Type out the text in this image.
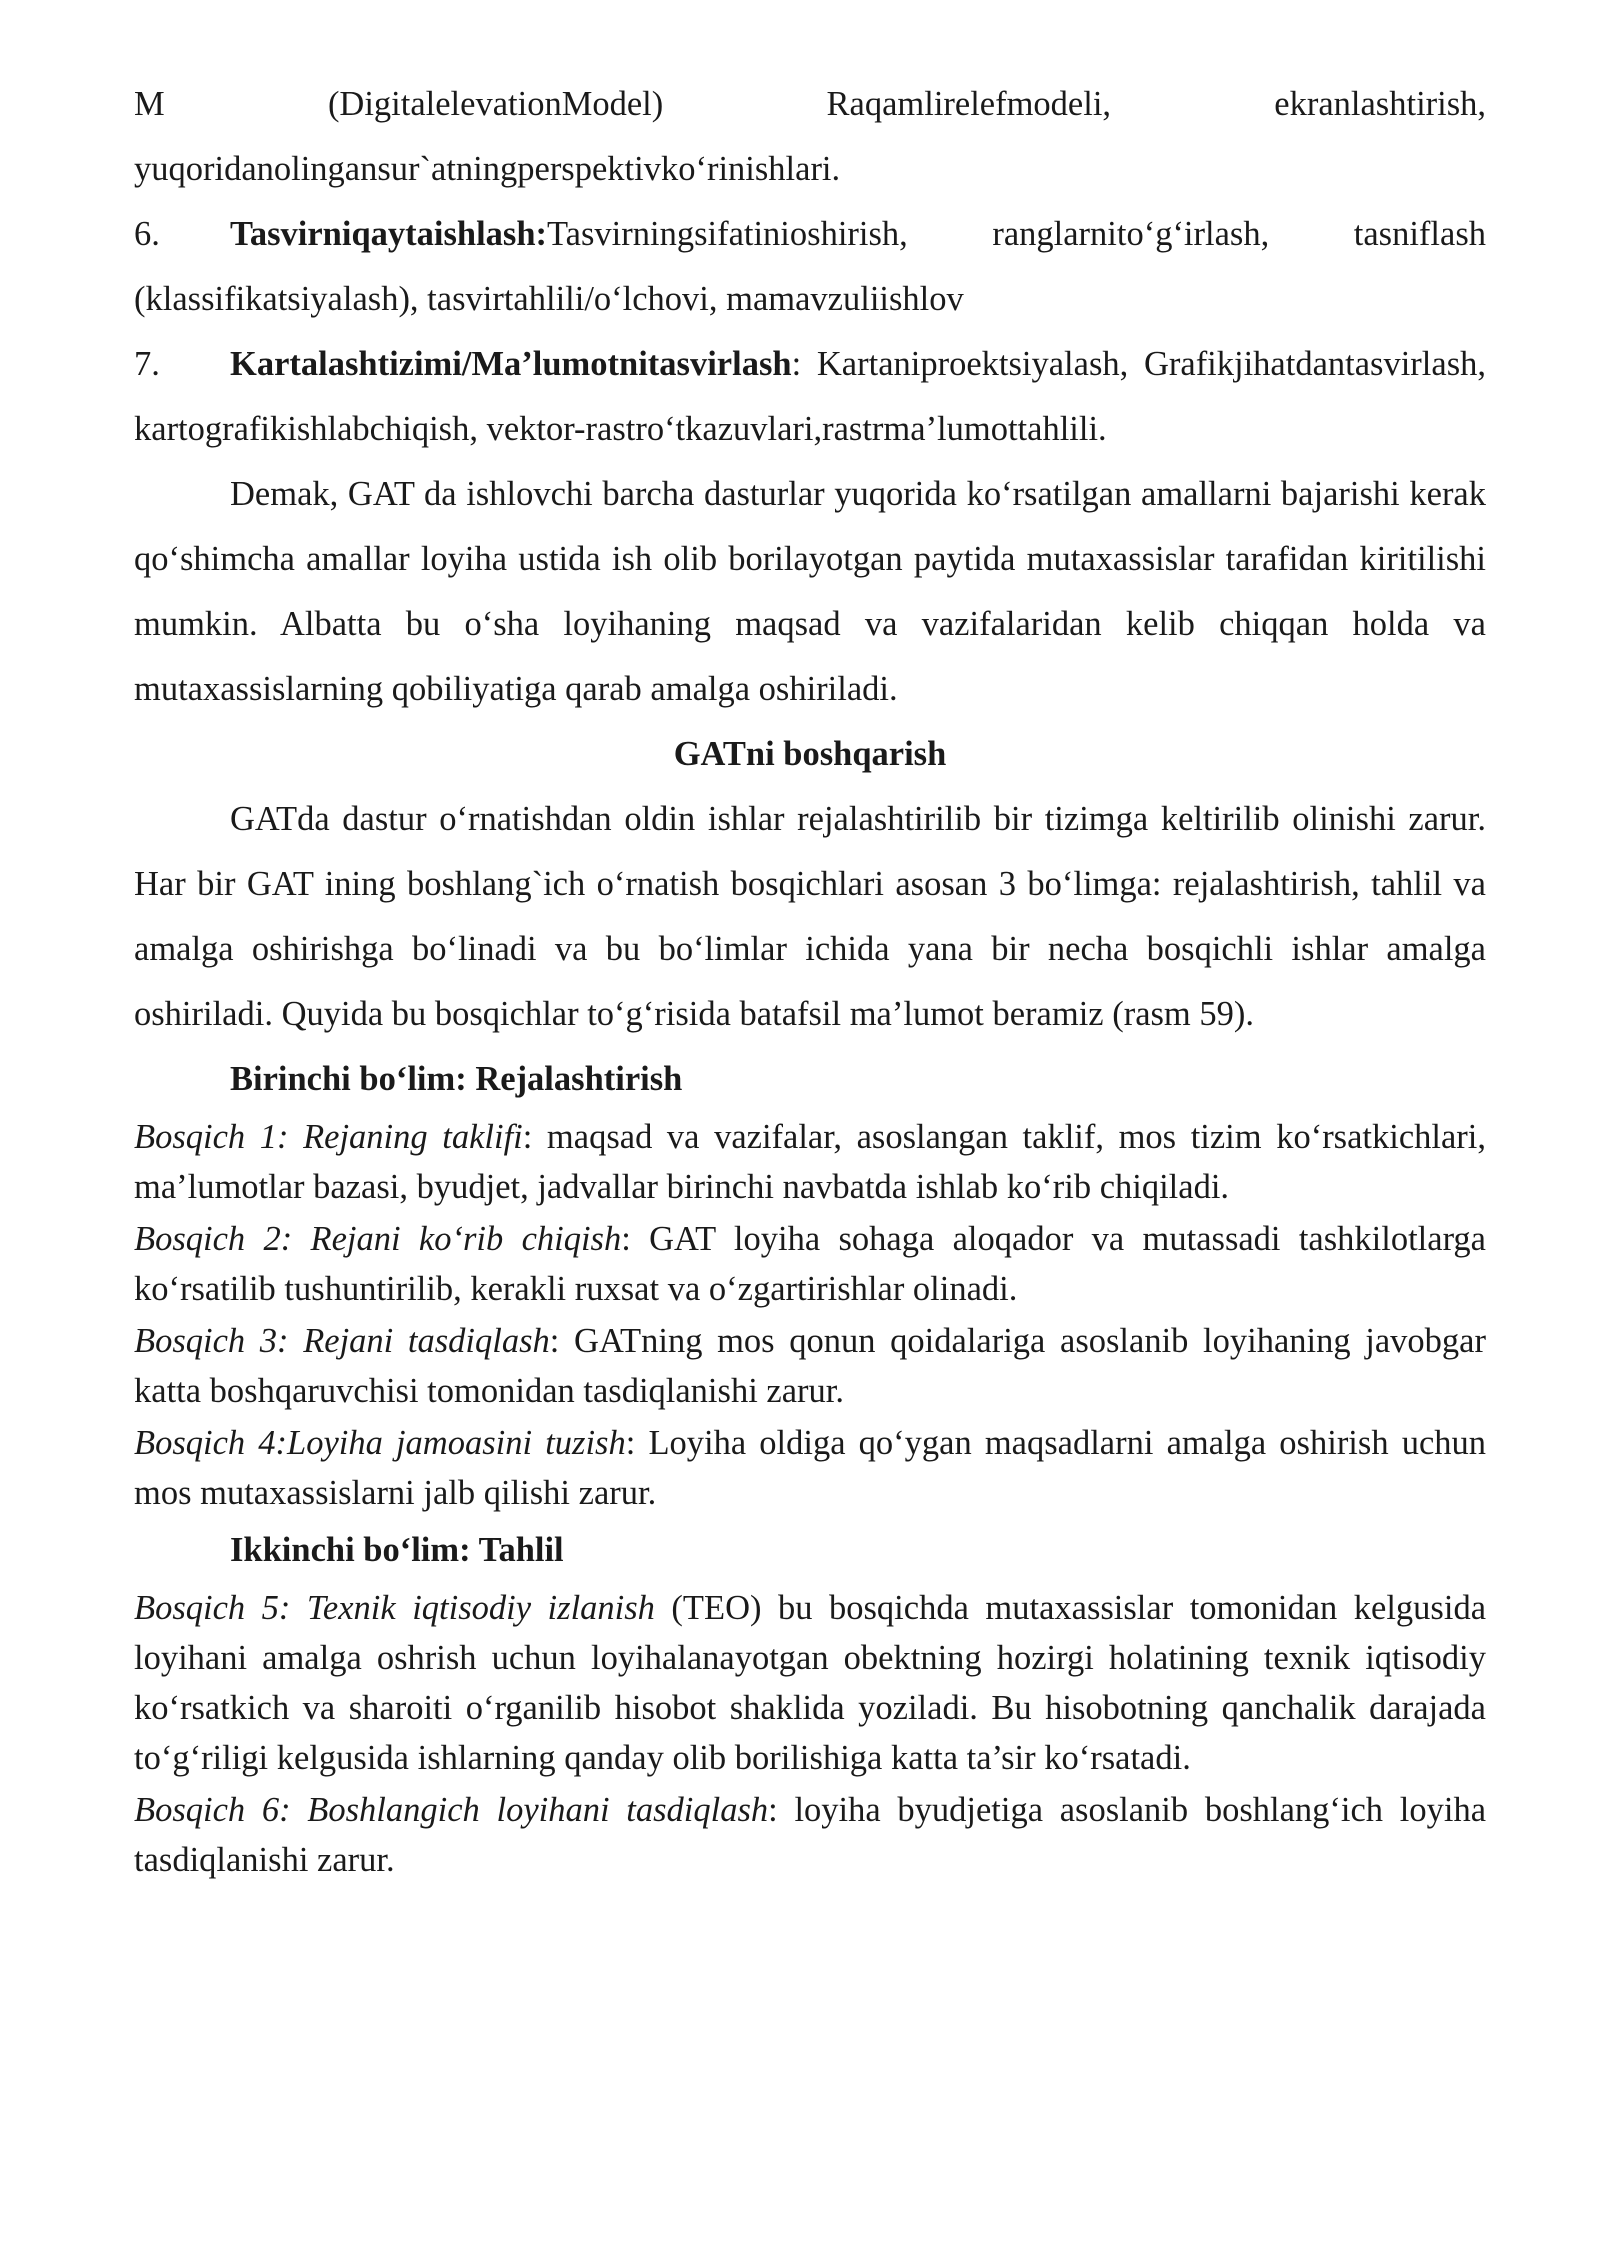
M	(DigitalelevationModel)	Raqamlirelefmodeli,	ekranlashtirish,

yuqoridanolingansur`atningperspektivko‘rinishlari.

6. Tasvirniqaytaishlash:Tasvirningsifatinioshirish, ranglarnito‘g‘irlash, tasniflash (klassifikatsiyalash), tasvirtahlili/o‘lchovi, mamavzuliishlov

7. Kartalashtizimi/Ma’lumotnitasvirlash: Kartaniproektsiyalash, Grafikjihatdantasvirlash, kartografikishlabchiqish, vektor-rastro‘tkazuvlari,rastrma’lumottahlili.

Demak, GAT da ishlovchi barcha dasturlar yuqorida ko‘rsatilgan amallarni bajarishi kerak qo‘shimcha amallar loyiha ustida ish olib borilayotgan paytida mutaxassislar tarafidan kiritilishi mumkin. Albatta bu o‘sha loyihaning maqsad va vazifalaridan kelib chiqqan holda va mutaxassislarning qobiliyatiga qarab amalga oshiriladi.

GATni boshqarish

GATda dastur o‘rnatishdan oldin ishlar rejalashtirilib bir tizimga keltirilib olinishi zarur. Har bir GAT ining boshlang`ich o‘rnatish bosqichlari asosan 3 bo‘limga: rejalashtirish, tahlil va amalga oshirishga bo‘linadi va bu bo‘limlar ichida yana bir necha bosqichli ishlar amalga oshiriladi. Quyida bu bosqichlar to‘g‘risida batafsil ma’lumot beramiz (rasm 59).

Birinchi bo‘lim: Rejalashtirish

Bosqich 1: Rejaning taklifi: maqsad va vazifalar, asoslangan taklif, mos tizim ko‘rsatkichlari, ma’lumotlar bazasi, byudjet, jadvallar birinchi navbatda ishlab ko‘rib chiqiladi.

Bosqich 2: Rejani ko‘rib chiqish: GAT loyiha sohaga aloqador va mutassadi tashkilotlarga ko‘rsatilib tushuntirilib, kerakli ruxsat va o‘zgartirishlar olinadi.

Bosqich 3: Rejani tasdiqlash: GATning mos qonun qoidalariga asoslanib loyihaning javobgar katta boshqaruvchisi tomonidan tasdiqlanishi zarur.

Bosqich 4:Loyiha jamoasini tuzish: Loyiha oldiga qo‘ygan maqsadlarni amalga oshirish uchun mos mutaxassislarni jalb qilishi zarur.

Ikkinchi bo‘lim: Tahlil

Bosqich 5: Texnik iqtisodiy izlanish (TEO) bu bosqichda mutaxassislar tomonidan kelgusida loyihani amalga oshrish uchun loyihalanayotgan obektning hozirgi holatining texnik iqtisodiy ko‘rsatkich va sharoiti o‘rganilib hisobot shaklida yoziladi. Bu hisobotning qanchalik darajada to‘g‘riligi kelgusida ishlarning qanday olib borilishiga katta ta’sir ko‘rsatadi.

Bosqich 6: Boshlangich loyihani tasdiqlash: loyiha byudjetiga asoslanib boshlang‘ich loyiha tasdiqlanishi zarur.
